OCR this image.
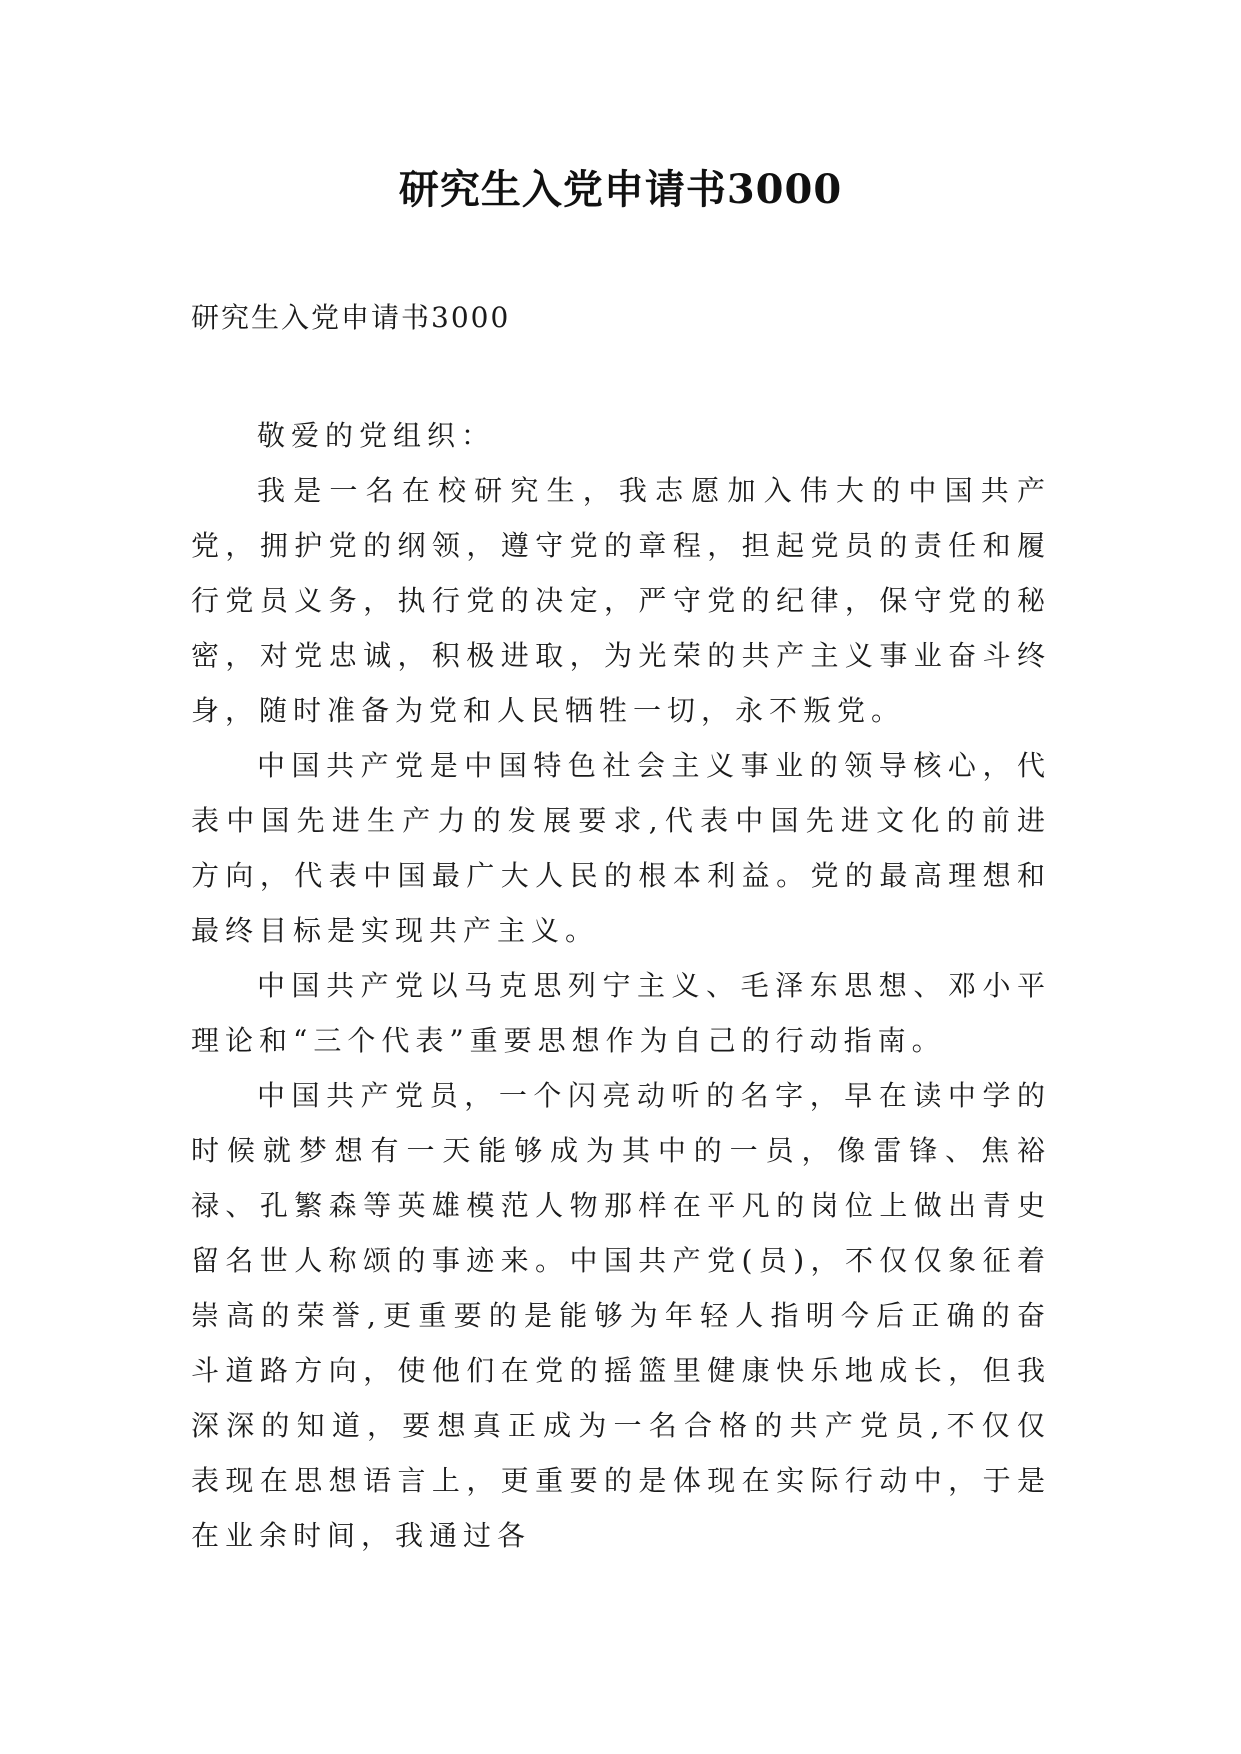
研究生入党申请书3000
研究生入党申请书3000

敬爱的党组织：

我是一名在校研究生，我志愿加入伟大的中国共产党，拥护党的纲领，遵守党的章程，担起党员的责任和履行党员义务，执行党的决定，严守党的纪律，保守党的秘密，对党忠诚，积极进取，为光荣的共产主义事业奋斗终身，随时准备为党和人民牺牲一切，永不叛党。

中国共产党是中国特色社会主义事业的领导核心，代表中国先进生产力的发展要求,代表中国先进文化的前进方向，代表中国最广大人民的根本利益。党的最高理想和最终目标是实现共产主义。

中国共产党以马克思列宁主义、毛泽东思想、邓小平理论和“三个代表”重要思想作为自己的行动指南。

中国共产党员，一个闪亮动听的名字，早在读中学的时候就梦想有一天能够成为其中的一员，像雷锋、焦裕禄、孔繁森等英雄模范人物那样在平凡的岗位上做出青史留名世人称颂的事迹来。中国共产党(员)，不仅仅象征着崇高的荣誉,更重要的是能够为年轻人指明今后正确的奋斗道路方向，使他们在党的摇篮里健康快乐地成长，但我深深的知道，要想真正成为一名合格的共产党员,不仅仅表现在思想语言上，更重要的是体现在实际行动中，于是在业余时间，我通过各
